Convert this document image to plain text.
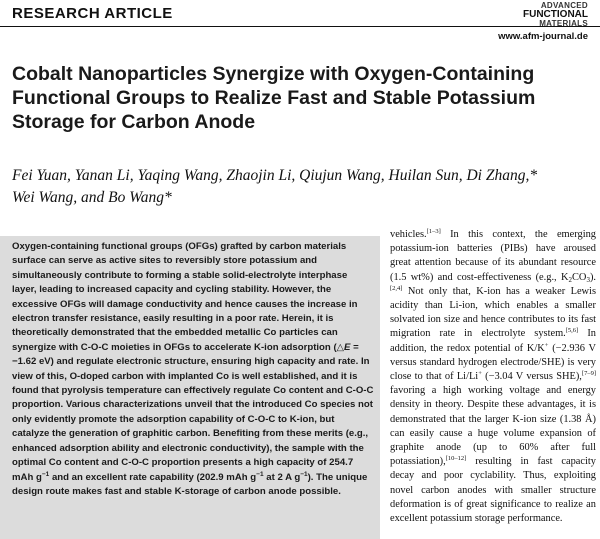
RESEARCH ARTICLE	ADVANCED
FUNCTIONAL
MATERIALS
www.afm-journal.de
Cobalt Nanoparticles Synergize with Oxygen-Containing
Functional Groups to Realize Fast and Stable Potassium
Storage for Carbon Anode
Fei Yuan, Yanan Li, Yaqing Wang, Zhaojin Li, Qiujun Wang, Huilan Sun, Di Zhang,*
Wei Wang, and Bo Wang*

Oxygen-containing functional groups (OFGs) grafted by carbon materials surface can serve as active sites to reversibly store potassium and simultaneously contribute to forming a stable solid-electrolyte interphase layer, leading to increased capacity and cycling stability. However, the excessive OFGs will damage conductivity and hence causes the increase in electron transfer resistance, easily resulting in a poor rate. Herein, it is theoretically demonstrated that the embedded metallic Co particles can synergize with C-O-C moieties in OFGs to accelerate K-ion adsorption (△E = −1.62 eV) and regulate electronic structure, ensuring high capacity and rate. In view of this, O-doped carbon with implanted Co is well established, and it is found that pyrolysis temperature can effectively regulate Co content and C-O-C proportion. Various characterizations unveil that the introduced Co species not only evidently promote the adsorption capability of C-O-C to K-ion, but catalyze the generation of graphitic carbon. Benefiting from these merits (e.g., enhanced adsorption ability and electronic conductivity), the sample with the optimal Co content and C-O-C proportion presents a high capacity of 254.7 mAh $g^{-1}$ and an excellent rate capability (202.9 mAh $g^{-1}$ at 2 A $g^{-1}$). The unique design route makes fast and stable K-storage of carbon anode possible.

vehicles.[1–3] In this context, the emerging potassium-ion batteries (PIBs) have aroused great attention because of its abundant resource (1.5 wt%) and cost-effectiveness (e.g., $K_2CO_3).[2,4]$ Not only that, K-ion has a weaker Lewis acidity than Li-ion, which enables a smaller solvated ion size and hence contributes to its fast migration rate in electrolyte system.[5,6] In addition, the redox potential of K/K+ (−2.936 V versus standard hydrogen electrode/SHE) is very close to that of Li/Li+ (−3.04 V versus SHE),[7–9] favoring a high working voltage and energy density in theory. Despite these advantages, it is demonstrated that the larger K-ion size (1.38 Å) can easily cause a huge volume expansion of graphite anode (up to 60% after full potassiation),[10–12] resulting in fast capacity decay and poor cyclability. Thus, exploiting novel carbon anodes with smaller structure deformation is of great significance to realize an excellent potassium storage performance.
